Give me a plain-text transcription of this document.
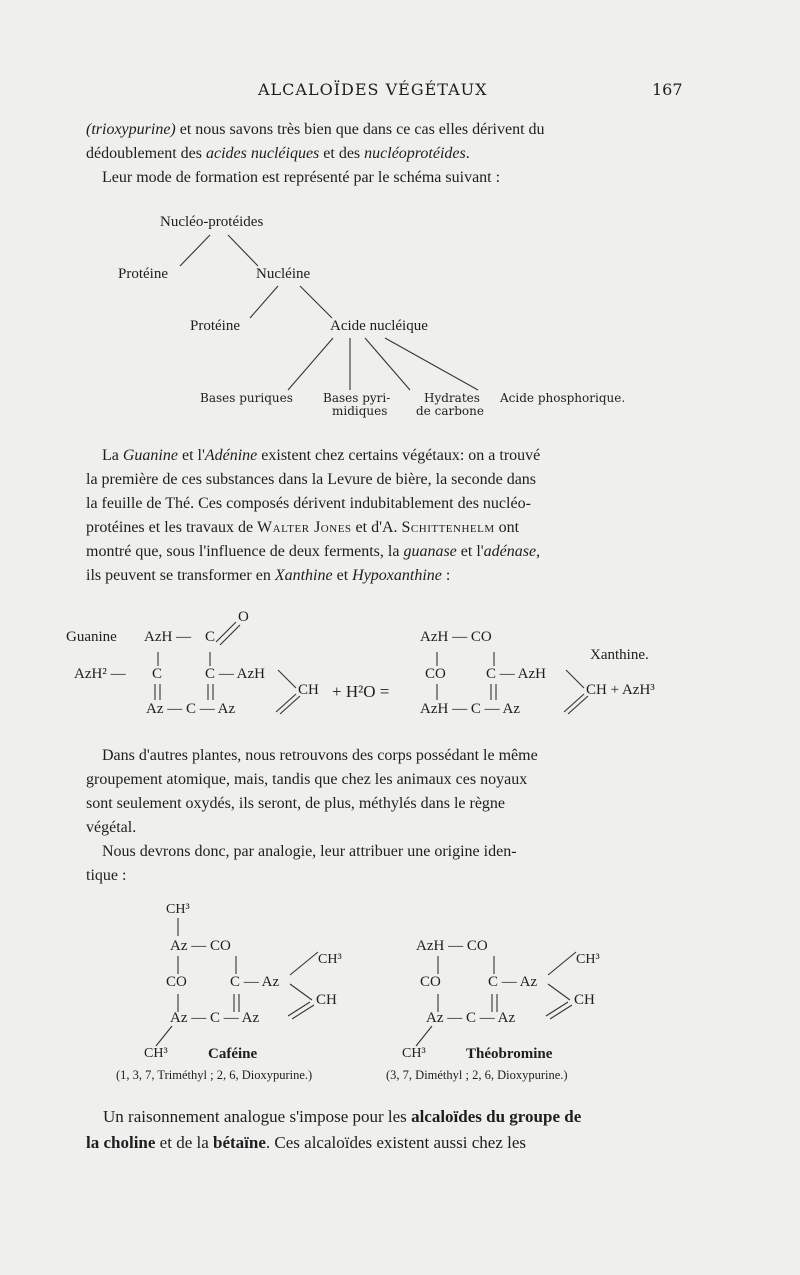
ALCALOÏDES VÉGÉTAUX	167
(trioxypurine) et nous savons très bien que dans ce cas elles dérivent du
dédoublement des acides nucléiques et des nucléoprotéides.
Leur mode de formation est représenté par le schéma suivant :
Nucléo-protéides
Protéine	Nucléine
Protéine	Acide nucléique
Bases puriques	Bases pyri-
midiques
Hydrates
de carbone
Acide phosphorique.
La Guanine et l'Adénine existent chez certains végétaux: on a trouvé
la première de ces substances dans la Levure de bière, la seconde dans
la feuille de Thé. Ces composés dérivent indubitablement des nucléo-
protéines et les travaux de Walter Jones et d'A. Schittenhelm ont
montré que, sous l'influence de deux ferments, la guanase et l'adénase,
ils peuvent se transformer en Xanthine et Hypoxanthine :
Guanine
O
AzH — C
AzH² — C	C — AzH
CH
Az — C — Az
+ H²O =
AzH — CO
Xanthine.
CO	C — AzH
CH + AzH³
AzH — C — Az
Dans d'autres plantes, nous retrouvons des corps possédant le même
groupement atomique, mais, tandis que chez les animaux ces noyaux
sont seulement oxydés, ils seront, de plus, méthylés dans le règne
végétal.
Nous devrons donc, par analogie, leur attribuer une origine iden-
tique :
CH³
Az — CO
CH³
CO	C — Az
CH
Az — C — Az
CH³	Caféine
(1, 3, 7, Triméthyl ; 2, 6, Dioxypurine.)
AzH — CO
CH³
CO	C — Az
CH
Az — C — Az
CH³	Théobromine
(3, 7, Diméthyl ; 2, 6, Dioxypurine.)
Un raisonnement analogue s'impose pour les alcaloïdes du groupe de
la choline et de la bétaïne. Ces alcaloïdes existent aussi chez les
